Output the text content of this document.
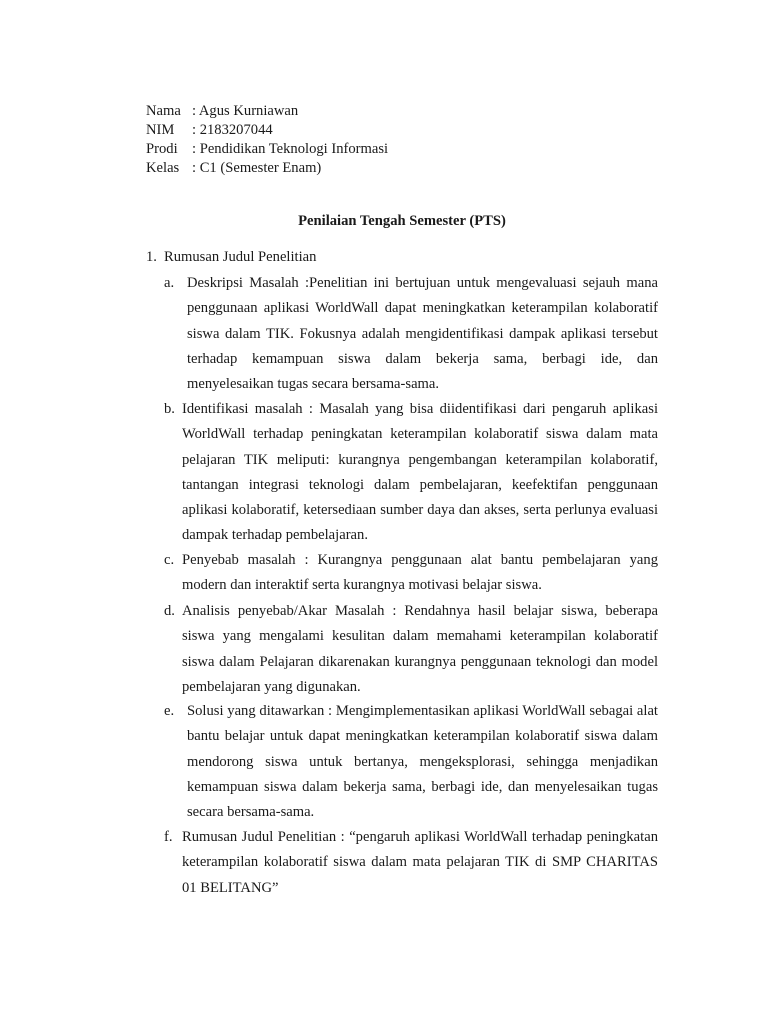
Nama : Agus Kurniawan
NIM	: 2183207044
Prodi : Pendidikan Teknologi Informasi
Kelas : C1 (Semester Enam)
Penilaian Tengah Semester (PTS)
1. Rumusan Judul Penelitian
a. Deskripsi Masalah :Penelitian ini bertujuan untuk mengevaluasi sejauh mana penggunaan aplikasi WorldWall dapat meningkatkan keterampilan kolaboratif siswa dalam TIK. Fokusnya adalah mengidentifikasi dampak aplikasi tersebut terhadap kemampuan siswa dalam bekerja sama, berbagi ide, dan menyelesaikan tugas secara bersama-sama.
b. Identifikasi masalah : Masalah yang bisa diidentifikasi dari pengaruh aplikasi WorldWall terhadap peningkatan keterampilan kolaboratif siswa dalam mata pelajaran TIK meliputi: kurangnya pengembangan keterampilan kolaboratif, tantangan integrasi teknologi dalam pembelajaran, keefektifan penggunaan aplikasi kolaboratif, ketersediaan sumber daya dan akses, serta perlunya evaluasi dampak terhadap pembelajaran.
c. Penyebab masalah : Kurangnya penggunaan alat bantu pembelajaran yang modern dan interaktif serta kurangnya motivasi belajar siswa.
d. Analisis penyebab/Akar Masalah : Rendahnya hasil belajar siswa, beberapa siswa yang mengalami kesulitan dalam memahami keterampilan kolaboratif siswa dalam Pelajaran dikarenakan kurangnya penggunaan teknologi dan model pembelajaran yang digunakan.
e. Solusi yang ditawarkan : Mengimplementasikan aplikasi WorldWall sebagai alat bantu belajar untuk dapat meningkatkan keterampilan kolaboratif siswa dalam mendorong siswa untuk bertanya, mengeksplorasi, sehingga menjadikan kemampuan siswa dalam bekerja sama, berbagi ide, dan menyelesaikan tugas secara bersama-sama.
f. Rumusan Judul Penelitian : “pengaruh aplikasi WorldWall terhadap peningkatan keterampilan kolaboratif siswa dalam mata pelajaran TIK di SMP CHARITAS 01 BELITANG”
